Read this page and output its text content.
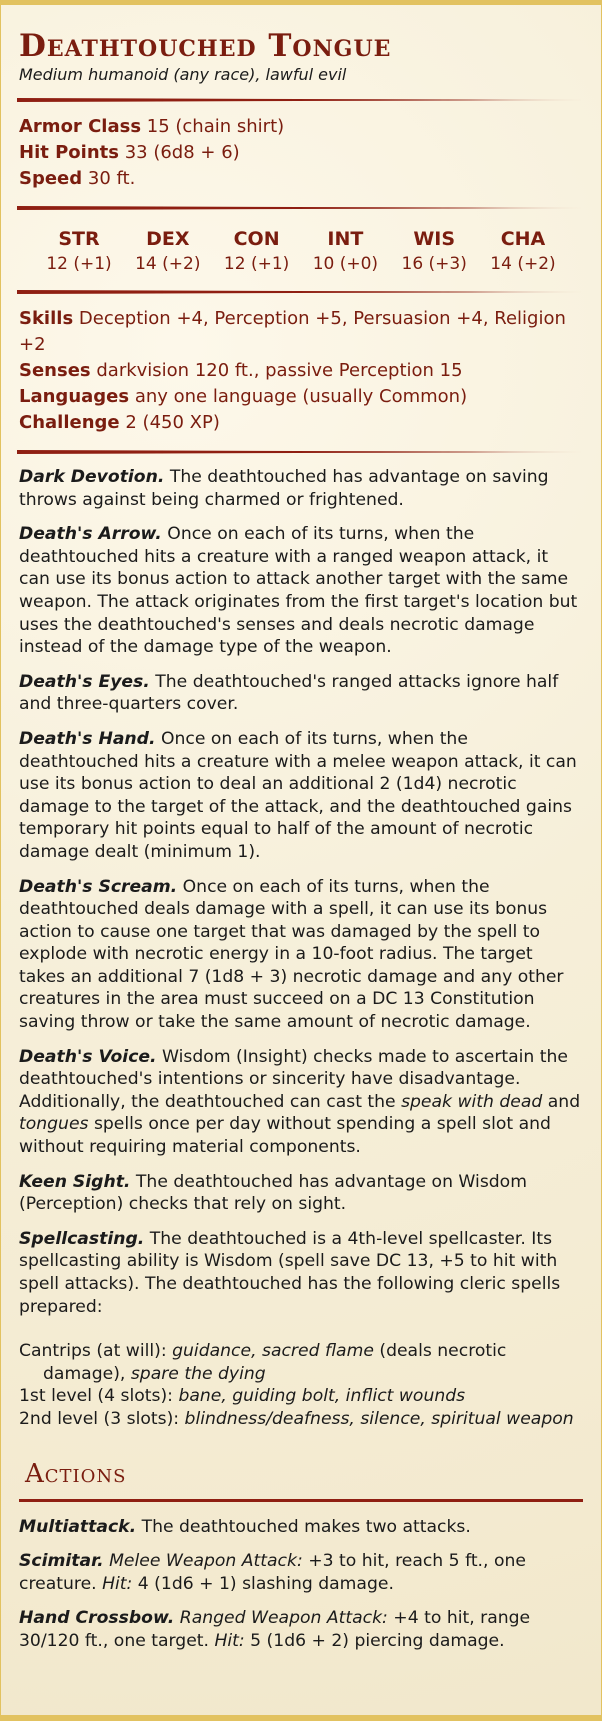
Deathtouched Tongue
Medium humanoid (any race), lawful evil
Armor Class 15 (chain shirt)
Hit Points 33 (6d8 + 6)
Speed 30 ft.
STR
12 (+1)
DEX
14 (+2)
CON
12 (+1)
INT
10 (+0)
WIS
16 (+3)
CHA
14 (+2)
Skills Deception +4, Perception +5, Persuasion +4, Religion +2
Senses darkvision 120 ft., passive Perception 15
Languages any one language (usually Common)
Challenge 2 (450 XP)

Dark Devotion. The deathtouched has advantage on saving throws against being charmed or frightened.

Death's Arrow. Once on each of its turns, when the deathtouched hits a creature with a ranged weapon attack, it can use its bonus action to attack another target with the same weapon. The attack originates from the first target's location but uses the deathtouched's senses and deals necrotic damage instead of the damage type of the weapon.

Death's Eyes. The deathtouched's ranged attacks ignore half and three-quarters cover.

Death's Hand. Once on each of its turns, when the deathtouched hits a creature with a melee weapon attack, it can use its bonus action to deal an additional 2 (1d4) necrotic damage to the target of the attack, and the deathtouched gains temporary hit points equal to half of the amount of necrotic damage dealt (minimum 1).

Death's Scream. Once on each of its turns, when the deathtouched deals damage with a spell, it can use its bonus action to cause one target that was damaged by the spell to explode with necrotic energy in a 10-foot radius. The target takes an additional 7 (1d8 + 3) necrotic damage and any other creatures in the area must succeed on a DC 13 Constitution saving throw or take the same amount of necrotic damage.

Death's Voice. Wisdom (Insight) checks made to ascertain the deathtouched's intentions or sincerity have disadvantage. Additionally, the deathtouched can cast the speak with dead and tongues spells once per day without spending a spell slot and without requiring material components.

Keen Sight. The deathtouched has advantage on Wisdom (Perception) checks that rely on sight.

Spellcasting. The deathtouched is a 4th-level spellcaster. Its spellcasting ability is Wisdom (spell save DC 13, +5 to hit with spell attacks). The deathtouched has the following cleric spells prepared:

Cantrips (at will): guidance, sacred flame (deals necrotic damage), spare the dying
1st level (4 slots): bane, guiding bolt, inflict wounds
2nd level (3 slots): blindness/deafness, silence, spiritual weapon
Actions

Multiattack. The deathtouched makes two attacks.

Scimitar. Melee Weapon Attack: +3 to hit, reach 5 ft., one creature. Hit: 4 (1d6 + 1) slashing damage.

Hand Crossbow. Ranged Weapon Attack: +4 to hit, range 30/120 ft., one target. Hit: 5 (1d6 + 2) piercing damage.
